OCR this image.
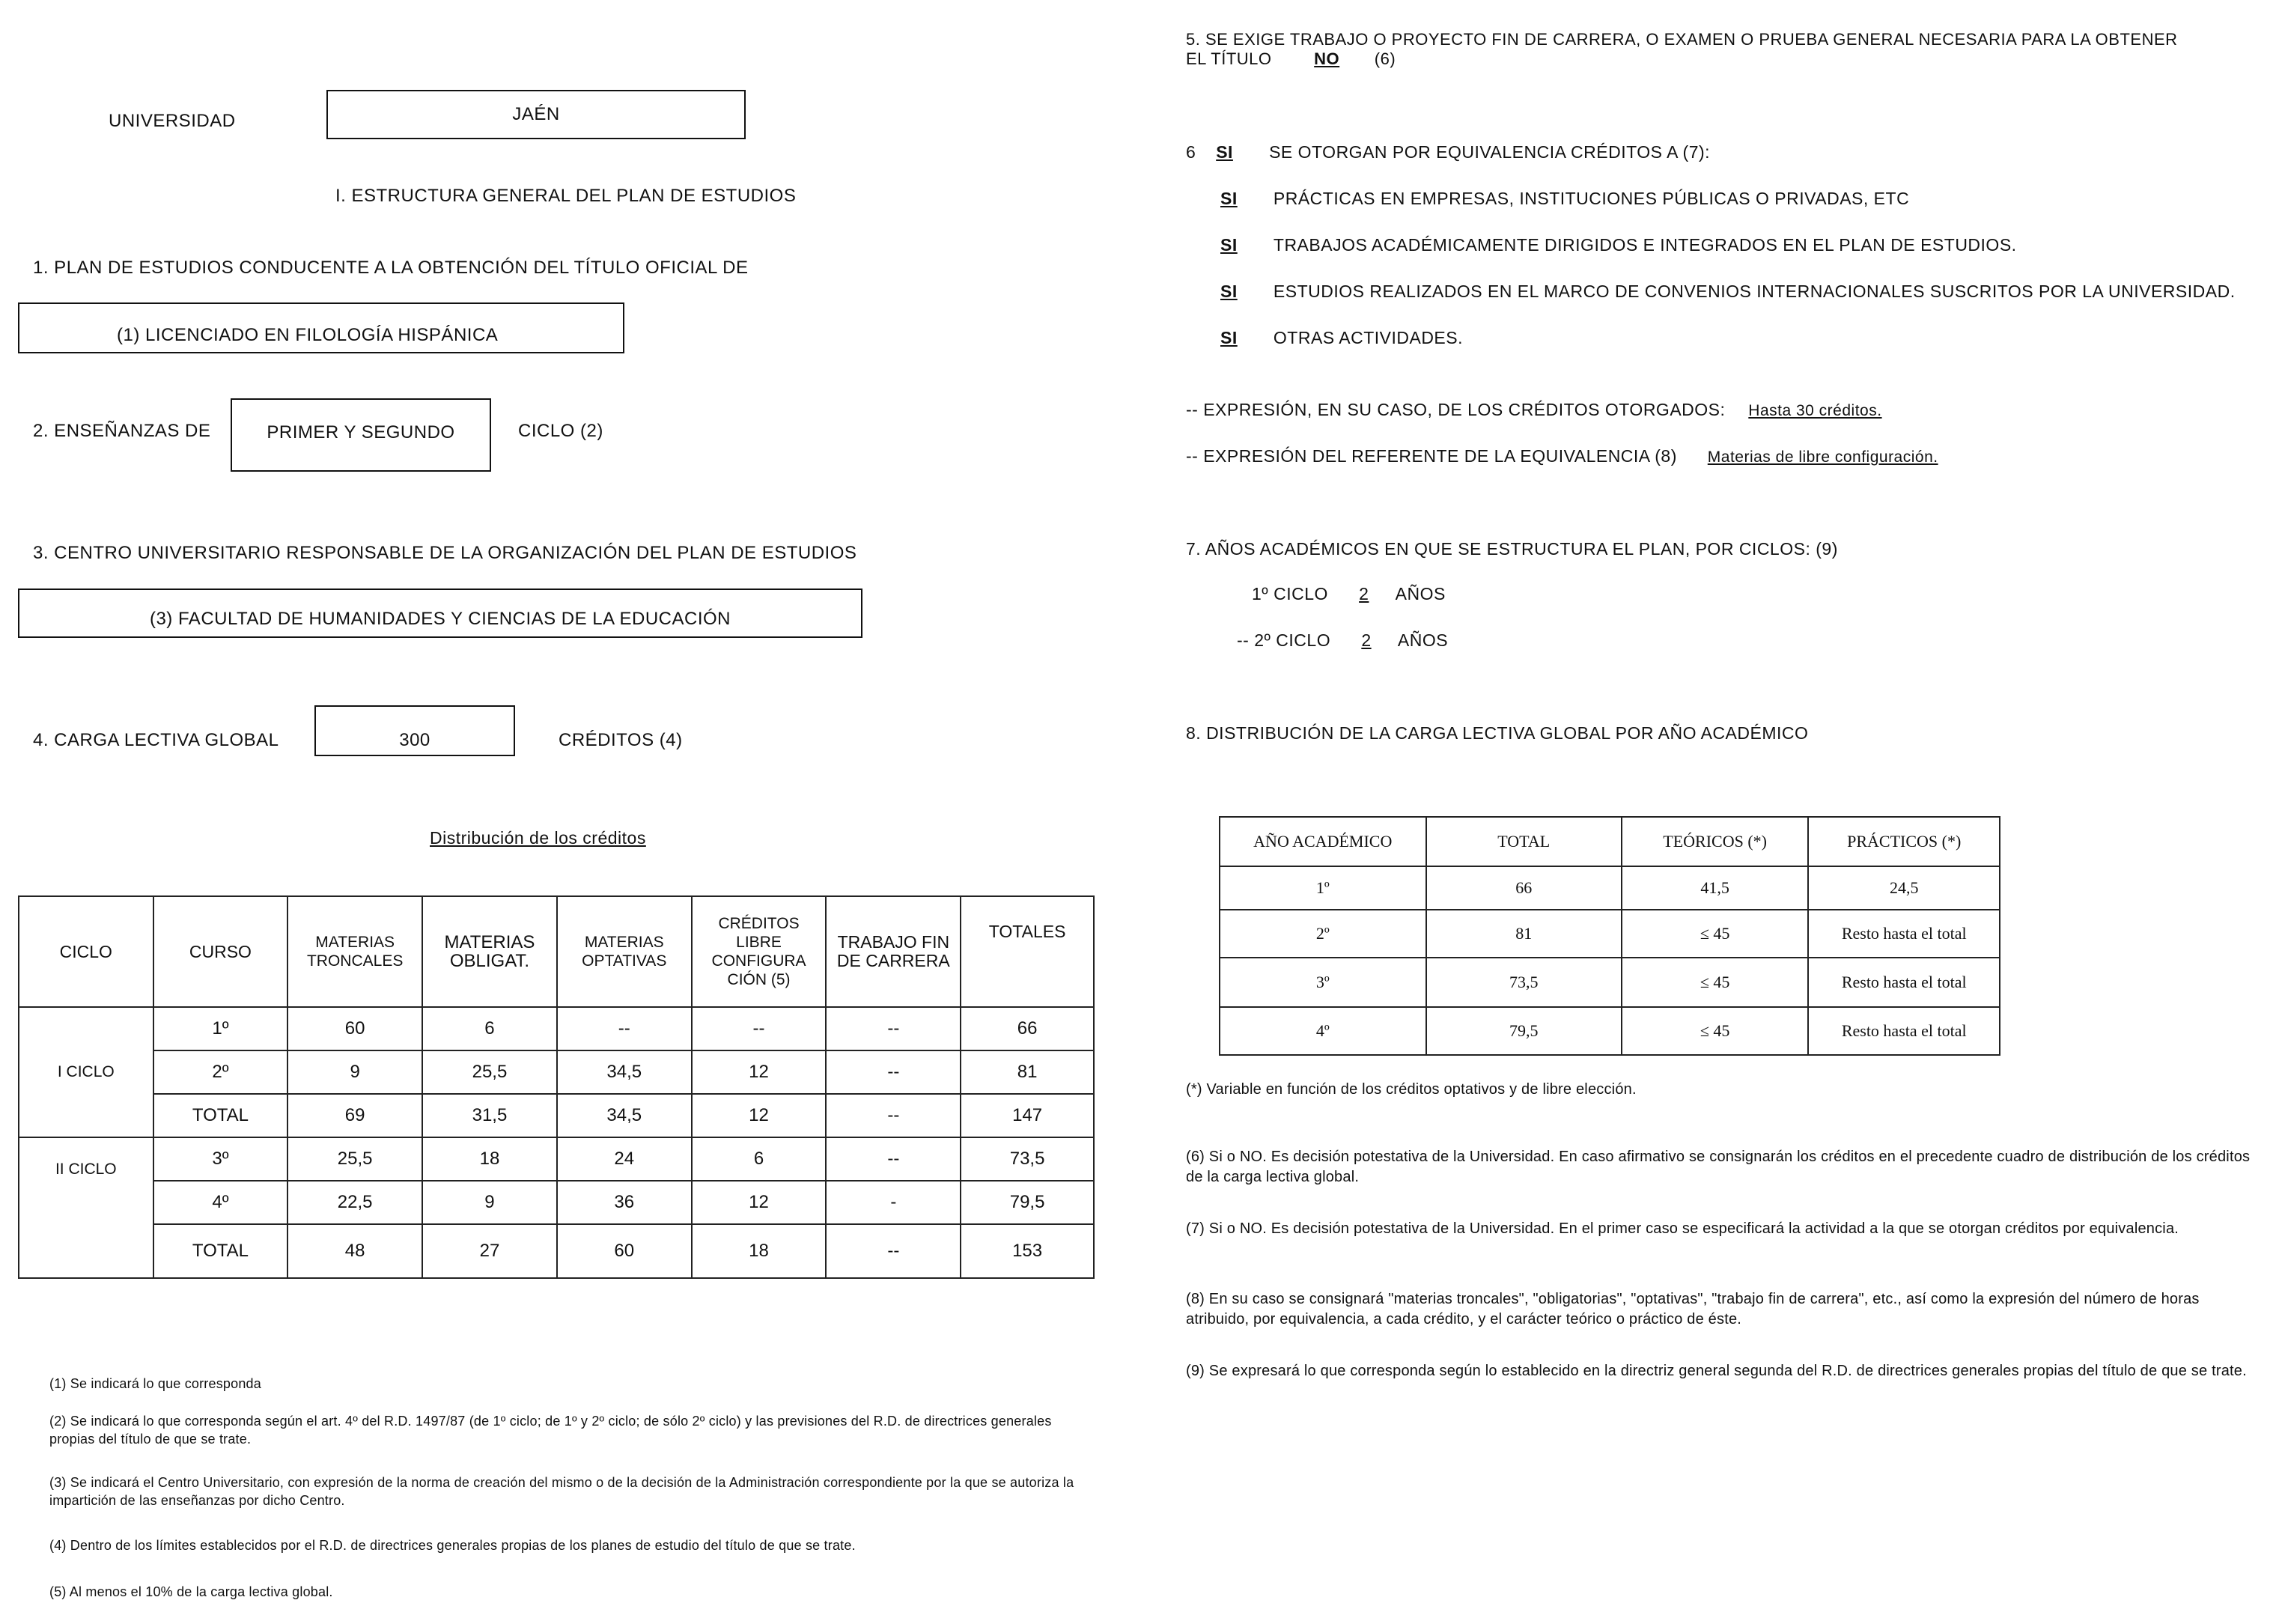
UNIVERSIDAD	JAÉN
I. ESTRUCTURA GENERAL DEL PLAN DE ESTUDIOS
1. PLAN DE ESTUDIOS CONDUCENTE A LA OBTENCIÓN DEL TÍTULO OFICIAL DE
(1) LICENCIADO EN FILOLOGÍA HISPÁNICA
2. ENSEÑANZAS DE	PRIMER Y SEGUNDO	CICLO (2)
3. CENTRO UNIVERSITARIO RESPONSABLE DE LA ORGANIZACIÓN DEL PLAN DE ESTUDIOS
(3) FACULTAD DE HUMANIDADES Y CIENCIAS DE LA EDUCACIÓN
4. CARGA LECTIVA GLOBAL	300	CRÉDITOS (4)
Distribución de los créditos
CICLO	CURSO	MATERIAS TRONCALES	MATERIAS OBLIGAT.	MATERIAS OPTATIVAS	CRÉDITOS LIBRE CONFIGURA CIÓN (5)	TRABAJO FIN DE CARRERA	TOTALES
I CICLO	1º	60	6	--	--	--	66
	2º	9	25,5	34,5	12	--	81
	TOTAL	69	31,5	34,5	12	--	147
II CICLO	3º	25,5	18	24	6	--	73,5
	4º	22,5	9	36	12	-	79,5
	TOTAL	48	27	60	18	--	153
(1) Se indicará lo que corresponda
(2) Se indicará lo que corresponda según el art. 4º del R.D. 1497/87 (de 1º ciclo; de 1º y 2º ciclo; de sólo 2º ciclo) y las previsiones del R.D. de directrices generales propias del título de que se trate.
(3) Se indicará el Centro Universitario, con expresión de la norma de creación del mismo o de la decisión de la Administración correspondiente por la que se autoriza la impartición de las enseñanzas por dicho Centro.
(4) Dentro de los límites establecidos por el R.D. de directrices generales propias de los planes de estudio del título de que se trate.
(5) Al menos el 10% de la carga lectiva global.
5. SE EXIGE TRABAJO O PROYECTO FIN DE CARRERA, O EXAMEN O PRUEBA GENERAL NECESARIA PARA LA OBTENER
EL TÍTULO	NO (6)
6 SI SE OTORGAN POR EQUIVALENCIA CRÉDITOS A (7):
SI PRÁCTICAS EN EMPRESAS, INSTITUCIONES PÚBLICAS O PRIVADAS, ETC
SI TRABAJOS ACADÉMICAMENTE DIRIGIDOS E INTEGRADOS EN EL PLAN DE ESTUDIOS.
SI ESTUDIOS REALIZADOS EN EL MARCO DE CONVENIOS INTERNACIONALES SUSCRITOS POR LA UNIVERSIDAD.
SI OTRAS ACTIVIDADES.
-- EXPRESIÓN, EN SU CASO, DE LOS CRÉDITOS OTORGADOS: Hasta 30 créditos.
-- EXPRESIÓN DEL REFERENTE DE LA EQUIVALENCIA (8) Materias de libre configuración.
7. AÑOS ACADÉMICOS EN QUE SE ESTRUCTURA EL PLAN, POR CICLOS: (9)
1º CICLO 2 AÑOS
-- 2º CICLO 2 AÑOS
8. DISTRIBUCIÓN DE LA CARGA LECTIVA GLOBAL POR AÑO ACADÉMICO
AÑO ACADÉMICO	TOTAL	TEÓRICOS (*)	PRÁCTICOS (*)
1º	66	41,5	24,5
2º	81	≤ 45	Resto hasta el total
3º	73,5	≤ 45	Resto hasta el total
4º	79,5	≤ 45	Resto hasta el total
(*) Variable en función de los créditos optativos y de libre elección.
(6) Si o NO. Es decisión potestativa de la Universidad. En caso afirmativo se consignarán los créditos en el precedente cuadro de distribución de los créditos de la carga lectiva global.
(7) Si o NO. Es decisión potestativa de la Universidad. En el primer caso se especificará la actividad a la que se otorgan créditos por equivalencia.
(8) En su caso se consignará "materias troncales", "obligatorias", "optativas", "trabajo fin de carrera", etc., así como la expresión del número de horas atribuido, por equivalencia, a cada crédito, y el carácter teórico o práctico de éste.
(9) Se expresará lo que corresponda según lo establecido en la directriz general segunda del R.D. de directrices generales propias del título de que se trate.
